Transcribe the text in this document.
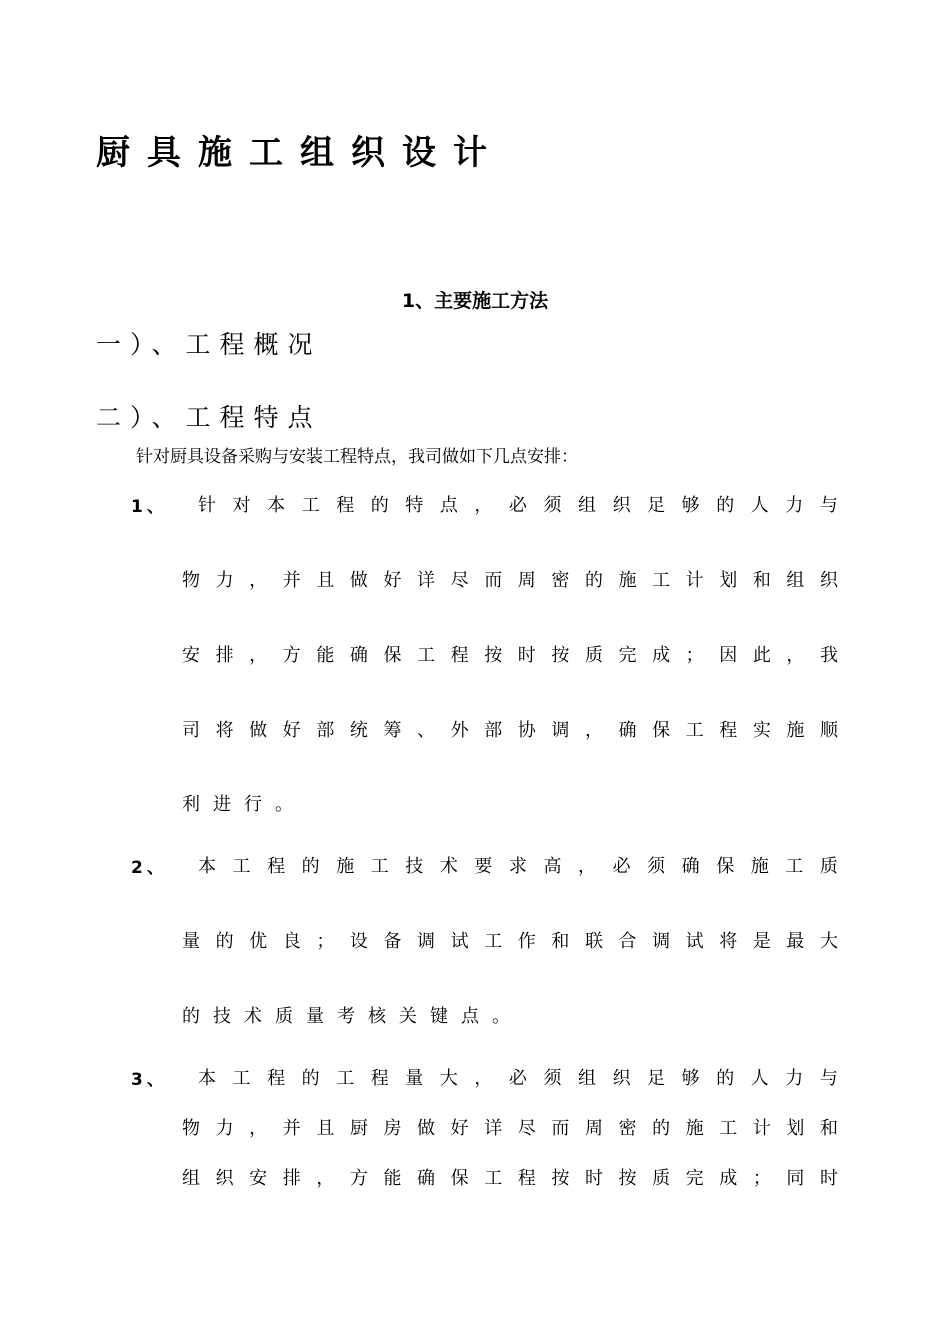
厨具施工组织设计
1、主要施工方法
一）、工程概况
二）、工程特点
针对厨具设备采购与安装工程特点，我司做如下几点安排：
1、 针 对 本 工 程 的 特 点 ， 必 须 组 织 足 够 的 人 力 与
物 力 ， 并 且 做 好 详 尽 而 周 密 的 施 工 计 划 和 组 织
安 排 ， 方 能 确 保 工 程 按 时 按 质 完 成 ； 因 此 ， 我
司 将 做 好 部 统 筹 、 外 部 协 调 ， 确 保 工 程 实 施 顺
利 进 行 。
2、 本 工 程 的 施 工 技 术 要 求 高 ， 必 须 确 保 施 工 质
量 的 优 良 ； 设 备 调 试 工 作 和 联 合 调 试 将 是 最 大
的 技 术 质 量 考 核 关 键 点 。
3、 本 工 程 的 工 程 量 大 ， 必 须 组 织 足 够 的 人 力 与
物 力 ， 并 且 厨 房 做 好 详 尽 而 周 密 的 施 工 计 划 和
组 织 安 排 ， 方 能 确 保 工 程 按 时 按 质 完 成 ； 同 时
